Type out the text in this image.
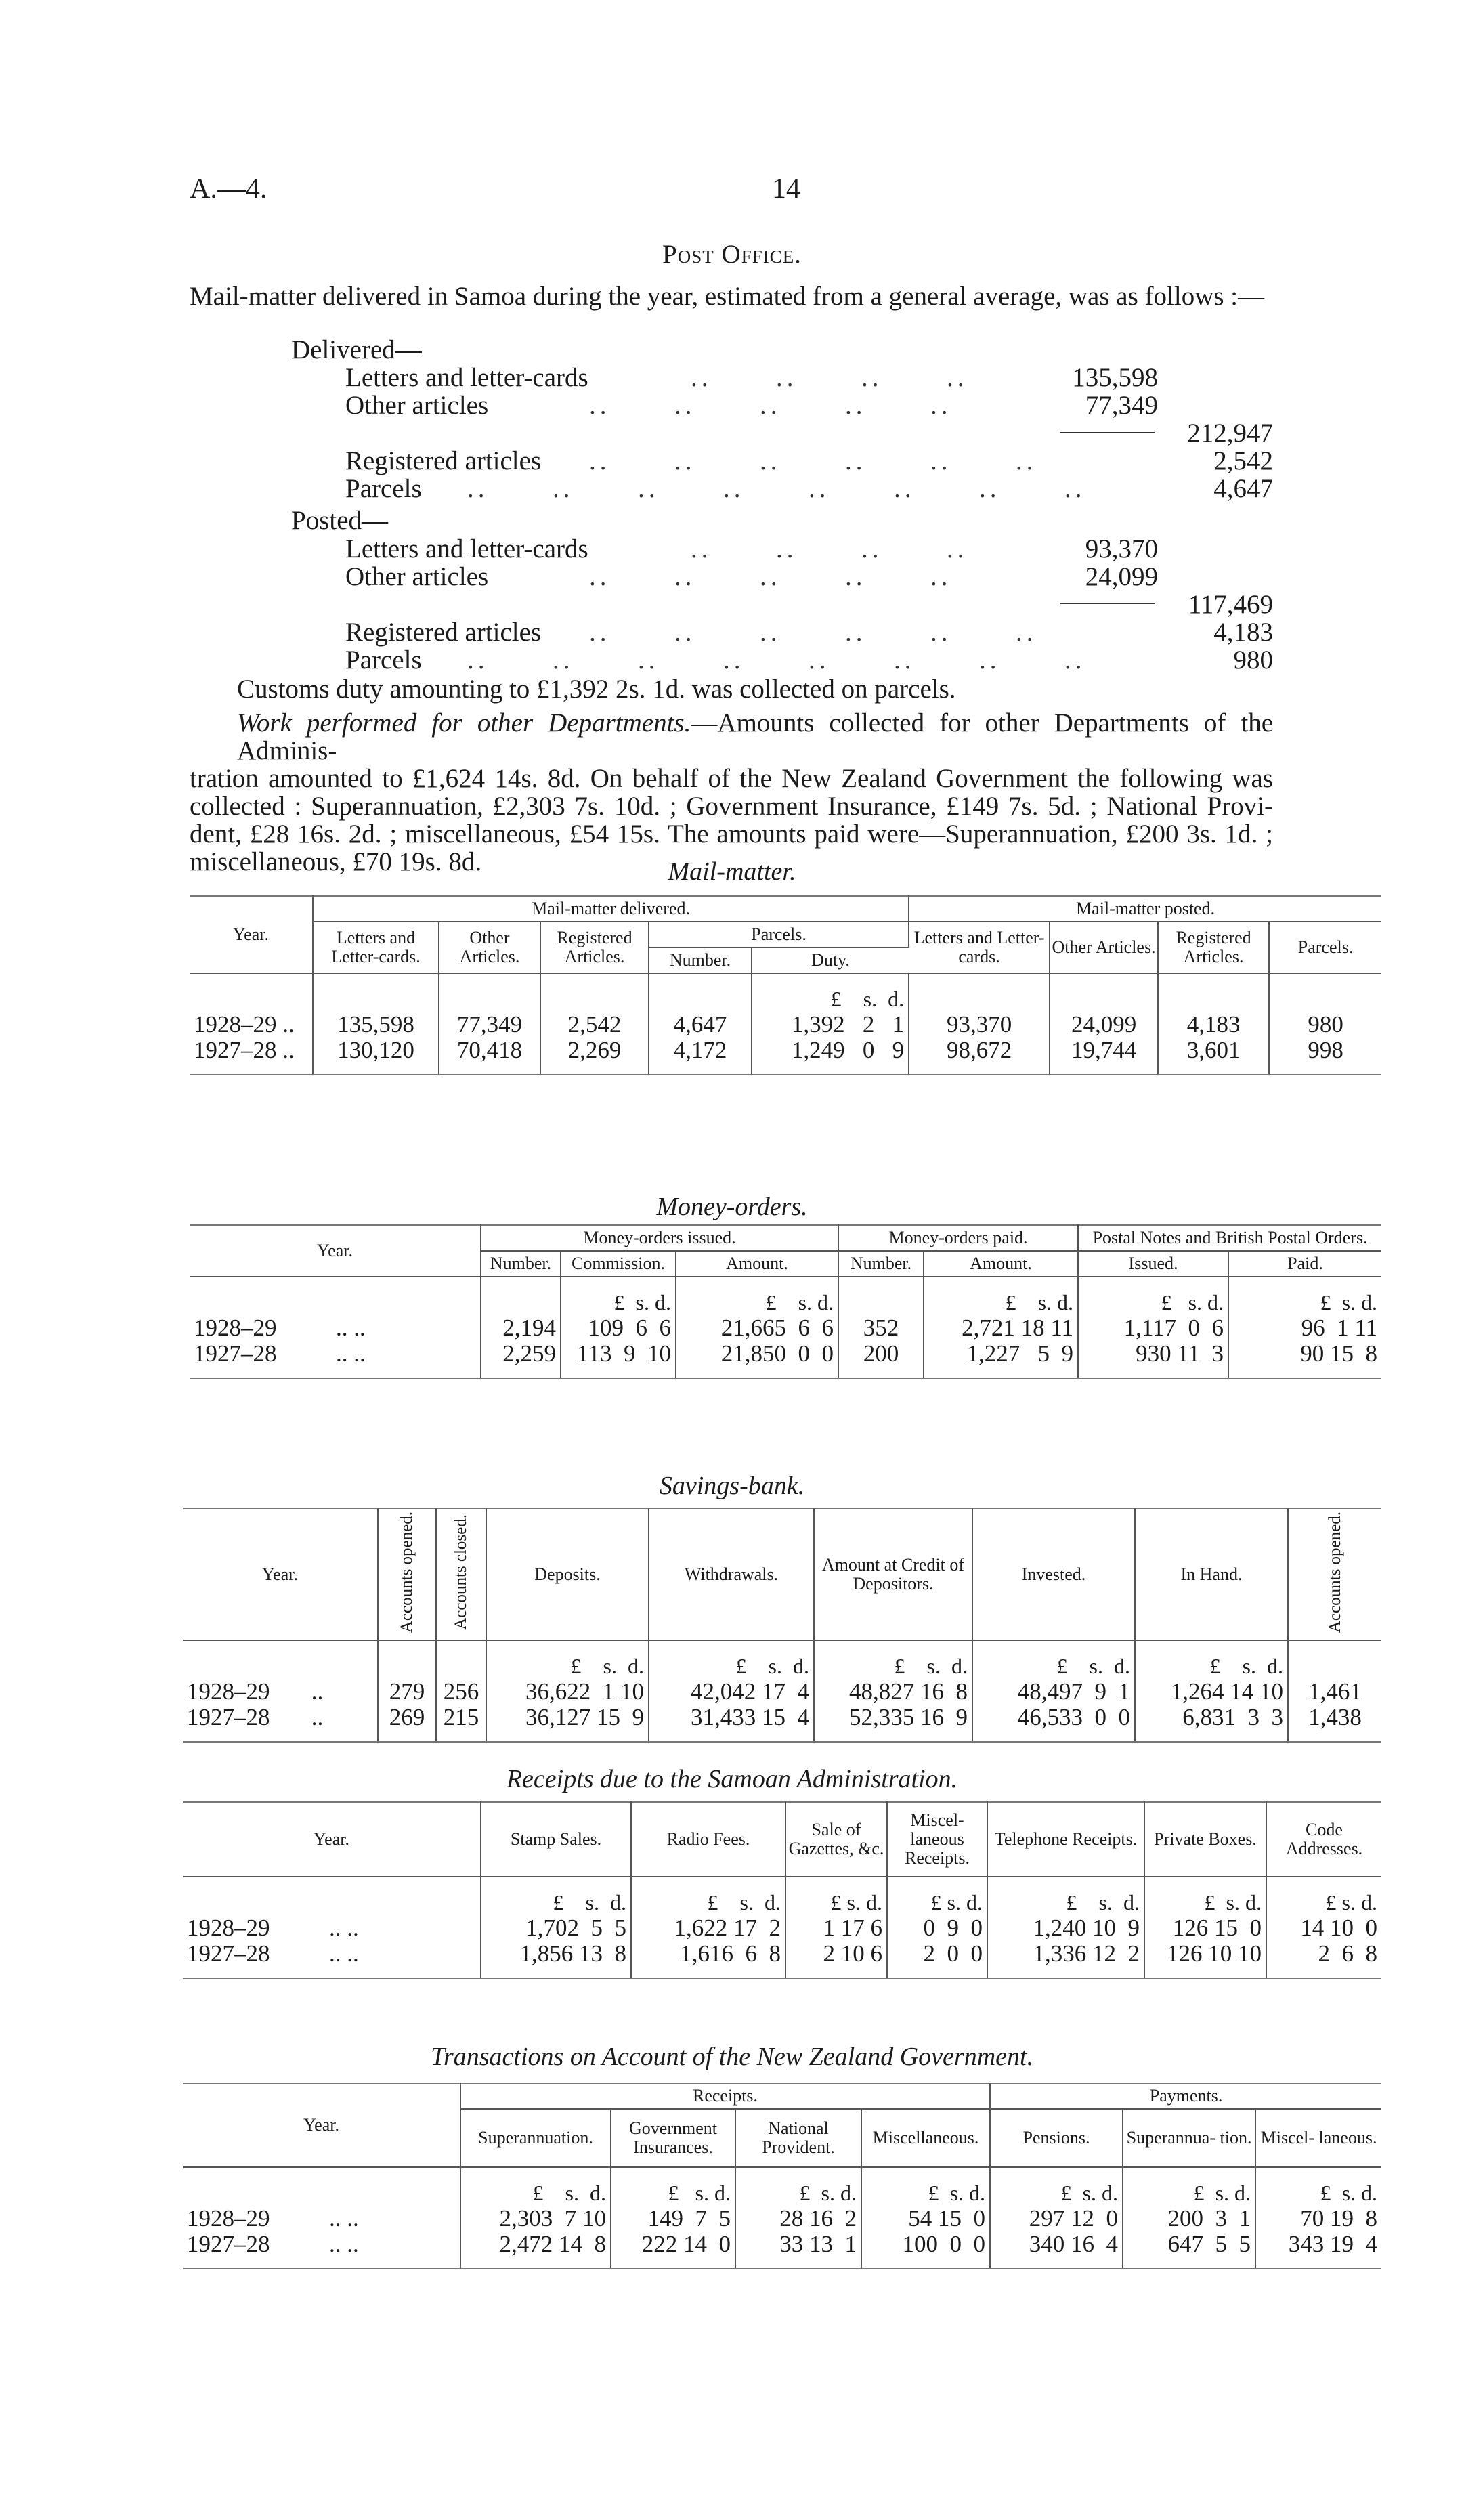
A.—4.	14
Post Office.
Mail-matter delivered in Samoa during the year, estimated from a general average, was as follows :—
Delivered—
Letters and letter-cards	..      ..      ..      ..	135,598
Other articles	..      ..      ..      ..      ..	77,349
212,947
Registered articles ..      ..      ..      ..      ..      ..	2,542
Parcels ..      ..      ..      ..      ..      ..      ..      ..	4,647
Posted—
Letters and letter-cards	..      ..      ..      ..	93,370
Other articles	..      ..      ..      ..      ..	24,099
117,469
Registered articles ..      ..      ..      ..      ..      ..	4,183
Parcels ..      ..      ..      ..      ..      ..      ..      ..	980
Customs duty amounting to £1,392 2s. 1d. was collected on parcels.
Work performed for other Departments.—Amounts collected for other Departments of the Adminis-
tration amounted to £1,624 14s. 8d. On behalf of the New Zealand Government the following was
collected : Superannuation, £2,303 7s. 10d. ; Government Insurance, £149 7s. 5d. ; National Provi-
dent, £28 16s. 2d. ; miscellaneous, £54 15s. The amounts paid were—Superannuation, £200 3s. 1d. ;
miscellaneous, £70 19s. 8d.	Mail-matter.
Year.	Mail-matter delivered.					Mail-matter posted.			
	Letters and Letter-cards.	Other Articles.	Registered Articles.	Parcels.		Letters and Letter-cards.	Other Articles.	Registered Articles.	Parcels.
				Number.	Duty.				
					£ s. d.				
1928–29 ..	135,598	77,349	2,542	4,647	1,392 2 1	93,370	24,099	4,183	980
1927–28 ..	130,120	70,418	2,269	4,172	1,249 0 9	98,672	19,744	3,601	998
Money-orders.
Year.	Money-orders issued.			Money-orders paid.		Postal Notes and British Postal Orders.	
	Number.	Commission.	Amount.	Number.	Amount.	Issued.	Paid.
		£ s. d.	£ s. d.		£ s. d.	£ s. d.	£ s. d.
1928–29 .. ..	2,194	109 6 6	21,665 6 6	352	2,721 18 11	1,117 0 6	96 1 11
1927–28 .. ..	2,259	113 9 10	21,850 0 0	200	1,227 5 9	930 11 3	90 15 8
Savings-bank.
Year.	Accounts opened.	Accounts closed.	Deposits.	Withdrawals.	Amount at Credit of Depositors.	Invested.	In Hand.	Accounts opened.
			£ s. d.	£ s. d.	£ s. d.	£ s. d.	£ s. d.	
1928–29 ..	279	256	36,622 1 10	42,042 17 4	48,827 16 8	48,497 9 1	1,264 14 10	1,461
1927–28 ..	269	215	36,127 15 9	31,433 15 4	52,335 16 9	46,533 0 0	6,831 3 3	1,438
Receipts due to the Samoan Administration.
Year.	Stamp Sales.	Radio Fees.	Sale of Gazettes, &c.	Miscel- laneous Receipts.	Telephone Receipts.	Private Boxes.	Code Addresses.
	£ s. d.	£ s. d.	£ s. d.	£ s. d.	£ s. d.	£ s. d.	£ s. d.
1928–29 .. ..	1,702 5 5	1,622 17 2	1 17 6	0 9 0	1,240 10 9	126 15 0	14 10 0
1927–28 .. ..	1,856 13 8	1,616 6 8	2 10 6	2 0 0	1,336 12 2	126 10 10	2 6 8
Transactions on Account of the New Zealand Government.
Year.	Receipts.				Payments.		
	Superannuation.	Government Insurances.	National Provident.	Miscellaneous.	Pensions.	Superannua- tion.	Miscel- laneous.
	£ s. d.	£ s. d.	£ s. d.	£ s. d.	£ s. d.	£ s. d.	£ s. d.
1928–29 .. ..	2,303 7 10	149 7 5	28 16 2	54 15 0	297 12 0	200 3 1	70 19 8
1927–28 .. ..	2,472 14 8	222 14 0	33 13 1	100 0 0	340 16 4	647 5 5	343 19 4
